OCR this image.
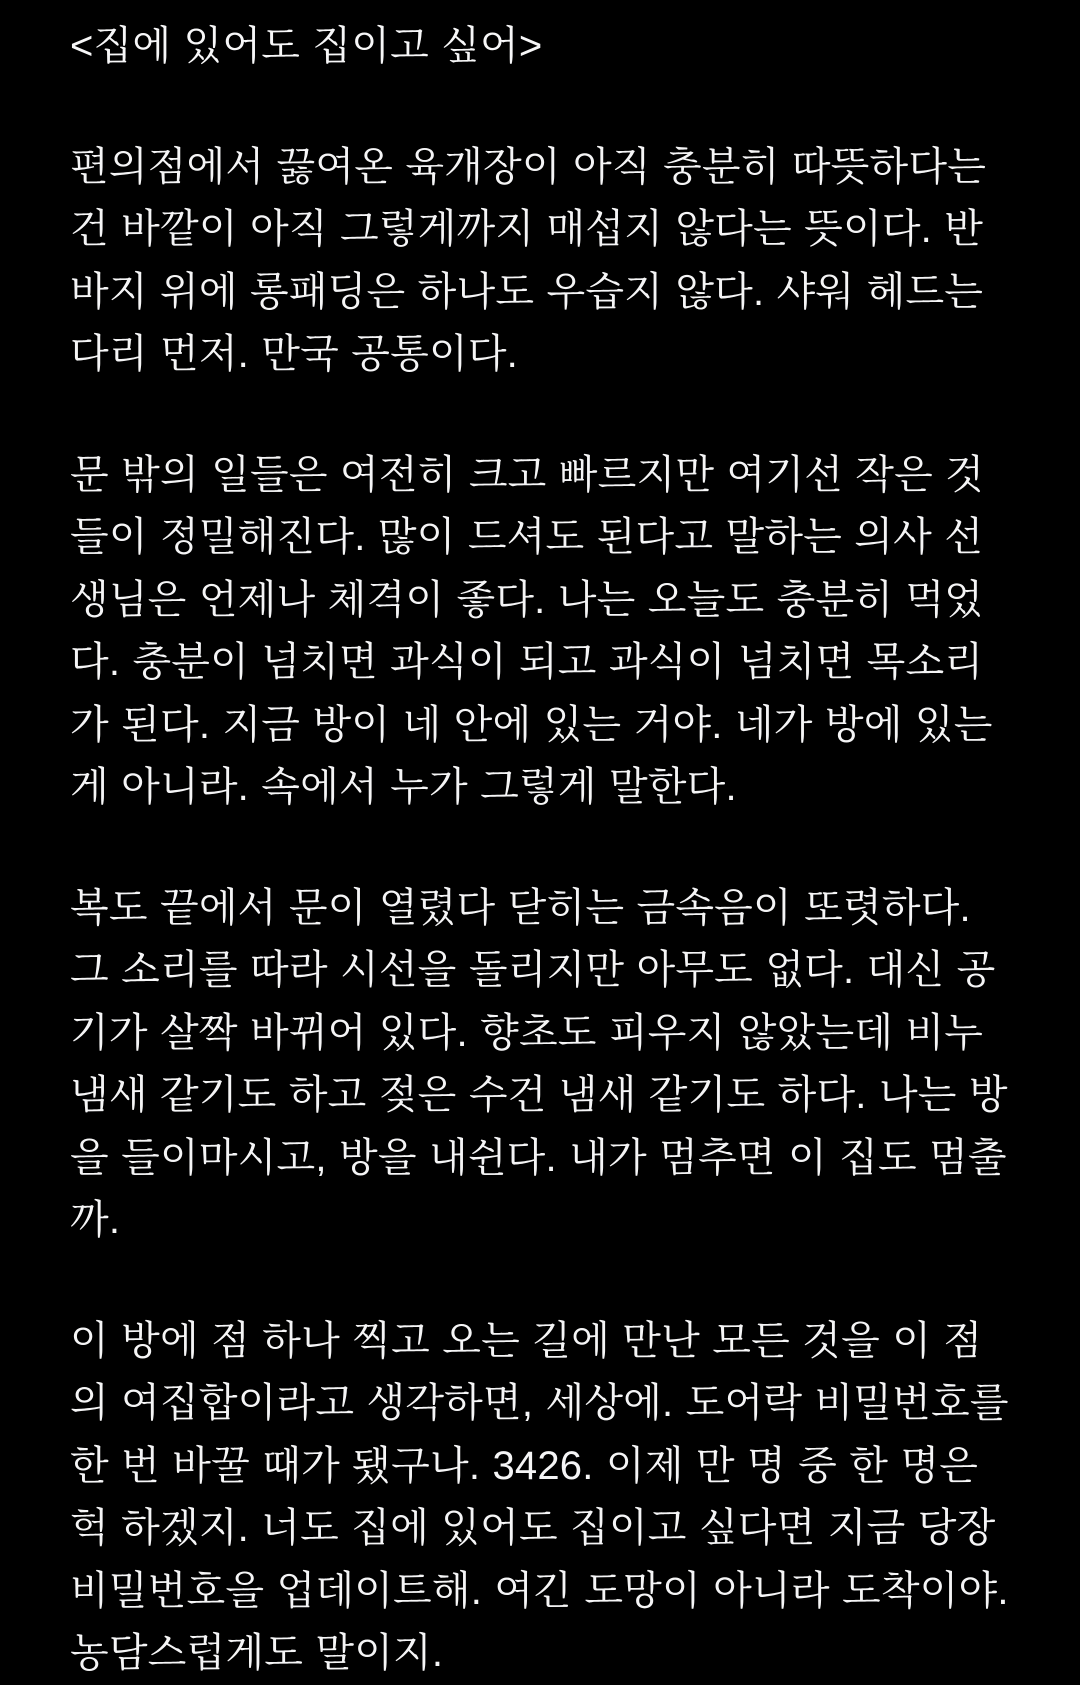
<집에 있어도 집이고 싶어>

편의점에서 끓여온 육개장이 아직 충분히 따뜻하다는 건 바깥이 아직 그렇게까지 매섭지 않다는 뜻이다. 반바지 위에 롱패딩은 하나도 우습지 않다. 샤워 헤드는 다리 먼저. 만국 공통이다.

문 밖의 일들은 여전히 크고 빠르지만 여기선 작은 것들이 정밀해진다. 많이 드셔도 된다고 말하는 의사 선생님은 언제나 체격이 좋다. 나는 오늘도 충분히 먹었다. 충분이 넘치면 과식이 되고 과식이 넘치면 목소리가 된다. 지금 방이 네 안에 있는 거야. 네가 방에 있는 게 아니라. 속에서 누가 그렇게 말한다.

복도 끝에서 문이 열렸다 닫히는 금속음이 또렷하다. 그 소리를 따라 시선을 돌리지만 아무도 없다. 대신 공기가 살짝 바뀌어 있다. 향초도 피우지 않았는데 비누 냄새 같기도 하고 젖은 수건 냄새 같기도 하다. 나는 방을 들이마시고, 방을 내쉰다. 내가 멈추면 이 집도 멈출까.

이 방에 점 하나 찍고 오는 길에 만난 모든 것을 이 점의 여집합이라고 생각하면, 세상에. 도어락 비밀번호를 한 번 바꿀 때가 됐구나. 3426. 이제 만 명 중 한 명은 헉 하겠지. 너도 집에 있어도 집이고 싶다면 지금 당장 비밀번호을 업데이트해. 여긴 도망이 아니라 도착이야. 농담스럽게도 말이지.
